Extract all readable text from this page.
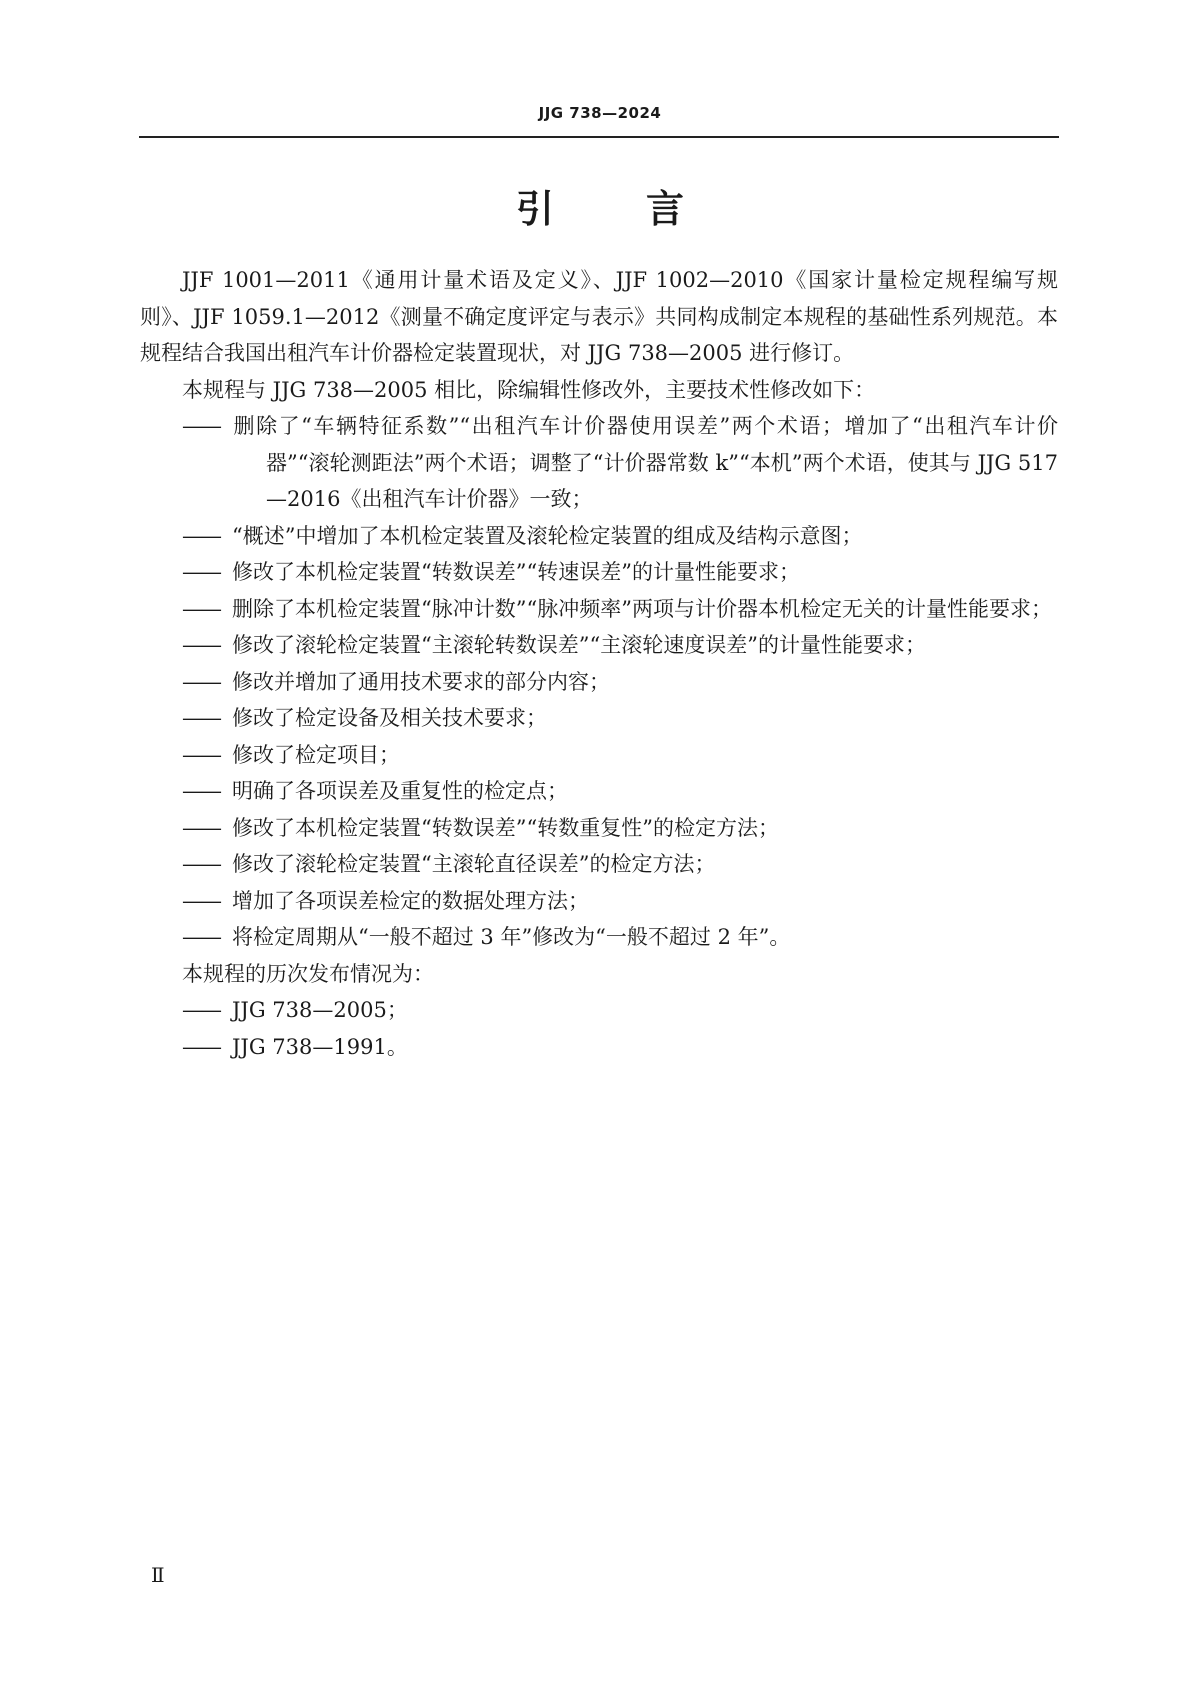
JJG 738—2024
引 言

JJF 1001—2011《通用计量术语及定义》、JJF 1002—2010《国家计量检定规程编写规则》、JJF 1059.1—2012《测量不确定度评定与表示》共同构成制定本规程的基础性系列规范。本规程结合我国出租汽车计价器检定装置现状，对 JJG 738—2005 进行修订。

本规程与 JJG 738—2005 相比，除编辑性修改外，主要技术性修改如下：

—— 删除了“车辆特征系数”“出租汽车计价器使用误差”两个术语；增加了“出租汽车计价器”“滚轮测距法”两个术语；调整了“计价器常数 k”“本机”两个术语，使其与 JJG 517—2016《出租汽车计价器》一致；

—— “概述”中增加了本机检定装置及滚轮检定装置的组成及结构示意图；

—— 修改了本机检定装置“转数误差”“转速误差”的计量性能要求；

—— 删除了本机检定装置“脉冲计数”“脉冲频率”两项与计价器本机检定无关的计量性能要求；

—— 修改了滚轮检定装置“主滚轮转数误差”“主滚轮速度误差”的计量性能要求；

—— 修改并增加了通用技术要求的部分内容；

—— 修改了检定设备及相关技术要求；

—— 修改了检定项目；

—— 明确了各项误差及重复性的检定点；

—— 修改了本机检定装置“转数误差”“转数重复性”的检定方法；

—— 修改了滚轮检定装置“主滚轮直径误差”的检定方法；

—— 增加了各项误差检定的数据处理方法；

—— 将检定周期从“一般不超过 3 年”修改为“一般不超过 2 年”。

本规程的历次发布情况为：

—— JJG 738—2005；

—— JJG 738—1991。

Ⅱ
